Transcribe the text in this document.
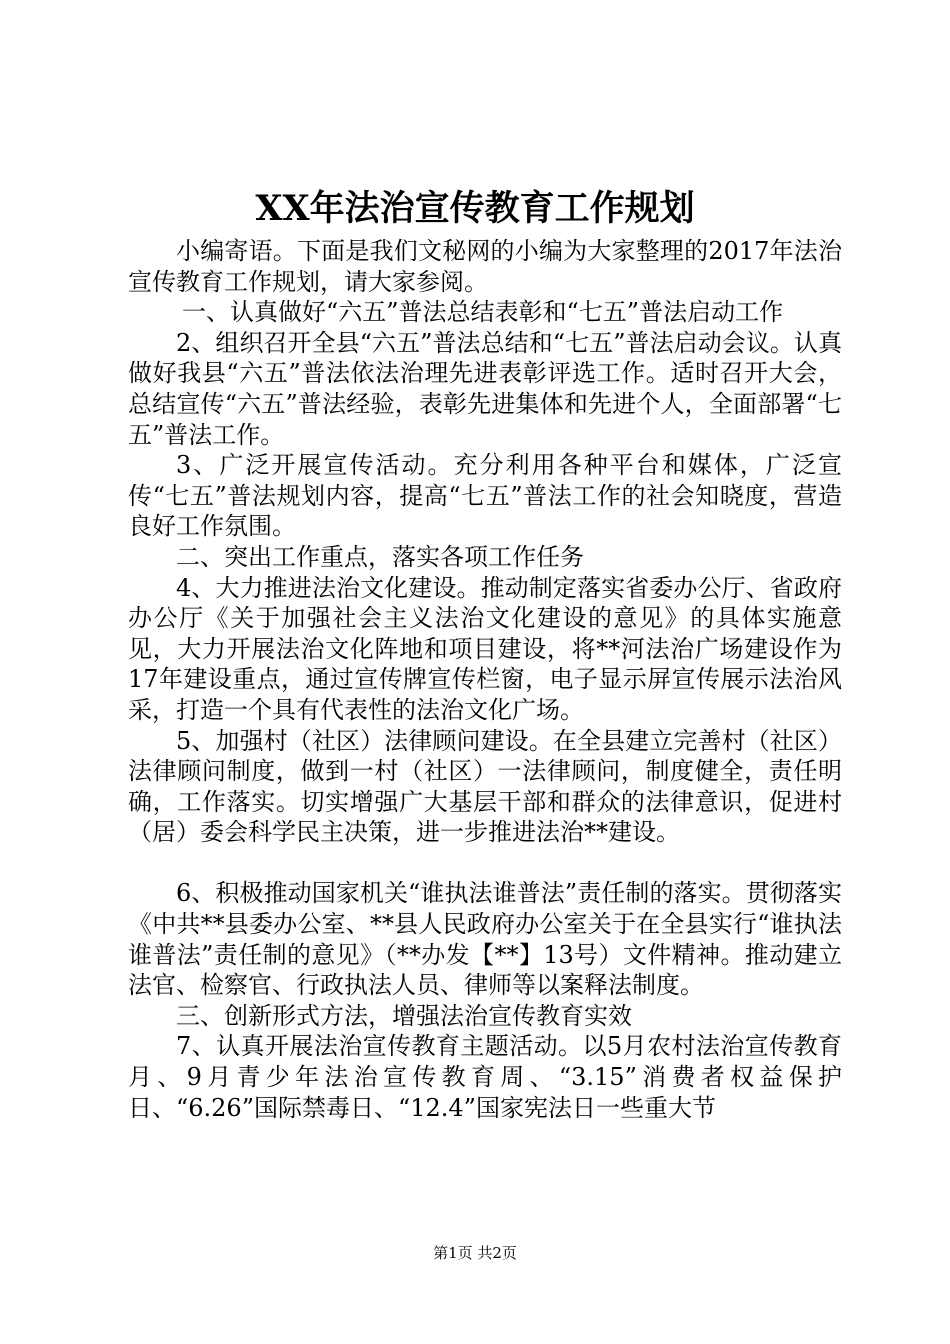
XX年法治宣传教育工作规划

小编寄语。下面是我们文秘网的小编为大家整理的2017年法治宣传教育工作规划，请大家参阅。

一、认真做好“六五”普法总结表彰和“七五”普法启动工作

2、组织召开全县“六五”普法总结和“七五”普法启动会议。认真做好我县“六五”普法依法治理先进表彰评选工作。适时召开大会，总结宣传“六五”普法经验，表彰先进集体和先进个人，全面部署“七五”普法工作。

3、广泛开展宣传活动。充分利用各种平台和媒体，广泛宣传“七五”普法规划内容，提高“七五”普法工作的社会知晓度，营造良好工作氛围。

二、突出工作重点，落实各项工作任务

4、大力推进法治文化建设。推动制定落实省委办公厅、省政府办公厅《关于加强社会主义法治文化建设的意见》的具体实施意见，大力开展法治文化阵地和项目建设，将**河法治广场建设作为17年建设重点，通过宣传牌宣传栏窗，电子显示屏宣传展示法治风采，打造一个具有代表性的法治文化广场。

5、加强村（社区）法律顾问建设。在全县建立完善村（社区）法律顾问制度，做到一村（社区）一法律顾问，制度健全，责任明确，工作落实。切实增强广大基层干部和群众的法律意识，促进村（居）委会科学民主决策，进一步推进法治**建设。

6、积极推动国家机关“谁执法谁普法”责任制的落实。贯彻落实《中共**县委办公室、**县人民政府办公室关于在全县实行“谁执法谁普法”责任制的意见》（**办发【**】13号）文件精神。推动建立法官、检察官、行政执法人员、律师等以案释法制度。

三、创新形式方法，增强法治宣传教育实效

7、认真开展法治宣传教育主题活动。以5月农村法治宣传教育月、9月青少年法治宣传教育周、“3.15”消费者权益保护日、“6.26”国际禁毒日、“12.4”国家宪法日一些重大节

第1页 共2页
